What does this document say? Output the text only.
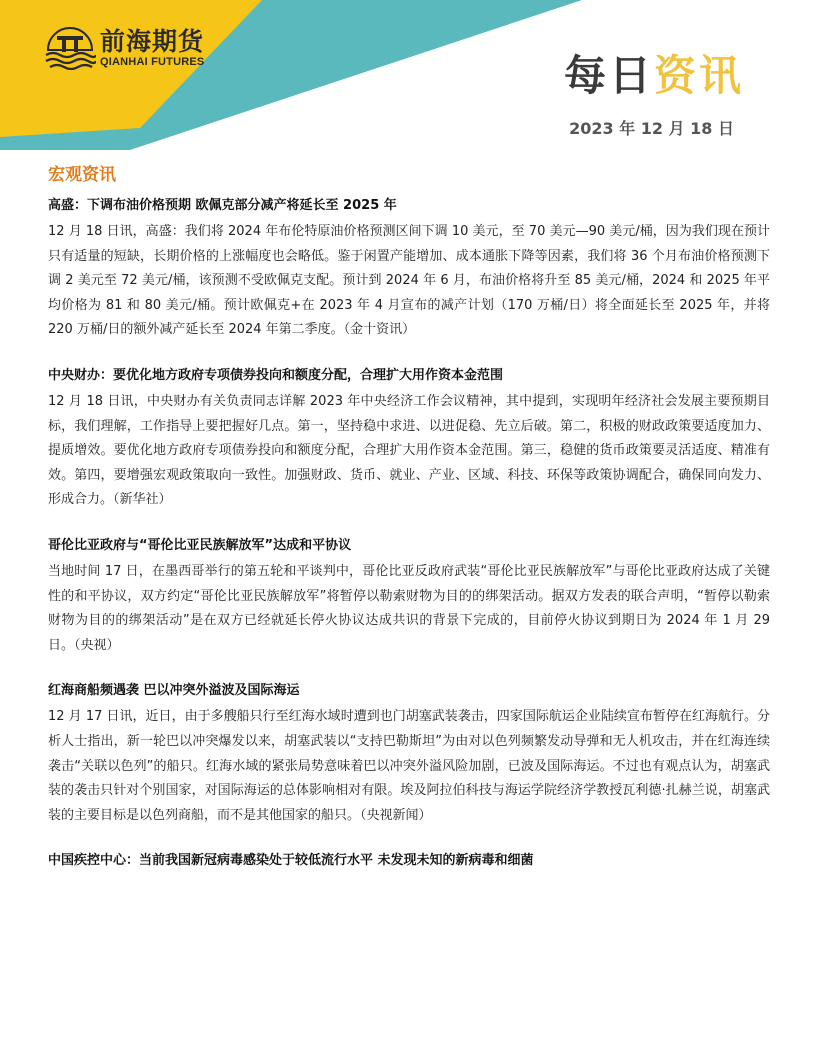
前海期货
QIANHAI FUTURES	每日资讯
2023 年 12 月 18 日
宏观资讯
高盛：下调布油价格预期 欧佩克部分减产将延长至 2025 年
12 月 18 日讯，高盛：我们将 2024 年布伦特原油价格预测区间下调 10 美元，至 70 美元—90 美元/桶，因为我们现在预计只有适量的短缺，长期价格的上涨幅度也会略低。鉴于闲置产能增加、成本通胀下降等因素，我们将 36 个月布油价格预测下调 2 美元至 72 美元/桶，该预测不受欧佩克支配。预计到 2024 年 6 月，布油价格将升至 85 美元/桶，2024 和 2025 年平均价格为 81 和 80 美元/桶。预计欧佩克+在 2023 年 4 月宣布的减产计划（170 万桶/日）将全面延长至 2025 年，并将 220 万桶/日的额外减产延长至 2024 年第二季度。（金十资讯）
中央财办：要优化地方政府专项债券投向和额度分配，合理扩大用作资本金范围
12 月 18 日讯，中央财办有关负责同志详解 2023 年中央经济工作会议精神，其中提到，实现明年经济社会发展主要预期目标，我们理解，工作指导上要把握好几点。第一，坚持稳中求进、以进促稳、先立后破。第二，积极的财政政策要适度加力、提质增效。要优化地方政府专项债券投向和额度分配，合理扩大用作资本金范围。第三，稳健的货币政策要灵活适度、精准有效。第四，要增强宏观政策取向一致性。加强财政、货币、就业、产业、区域、科技、环保等政策协调配合，确保同向发力、形成合力。（新华社）
哥伦比亚政府与“哥伦比亚民族解放军”达成和平协议
当地时间 17 日，在墨西哥举行的第五轮和平谈判中，哥伦比亚反政府武装“哥伦比亚民族解放军”与哥伦比亚政府达成了关键性的和平协议，双方约定“哥伦比亚民族解放军”将暂停以勒索财物为目的的绑架活动。据双方发表的联合声明，“暂停以勒索财物为目的的绑架活动”是在双方已经就延长停火协议达成共识的背景下完成的，目前停火协议到期日为 2024 年 1 月 29 日。（央视）
红海商船频遇袭 巴以冲突外溢波及国际海运
12 月 17 日讯，近日，由于多艘船只行至红海水域时遭到也门胡塞武装袭击，四家国际航运企业陆续宣布暂停在红海航行。分析人士指出，新一轮巴以冲突爆发以来，胡塞武装以“支持巴勒斯坦”为由对以色列频繁发动导弹和无人机攻击，并在红海连续袭击“关联以色列”的船只。红海水域的紧张局势意味着巴以冲突外溢风险加剧，已波及国际海运。不过也有观点认为，胡塞武装的袭击只针对个别国家，对国际海运的总体影响相对有限。埃及阿拉伯科技与海运学院经济学教授瓦利德·扎赫兰说，胡塞武装的主要目标是以色列商船，而不是其他国家的船只。（央视新闻）
中国疾控中心：当前我国新冠病毒感染处于较低流行水平 未发现未知的新病毒和细菌
